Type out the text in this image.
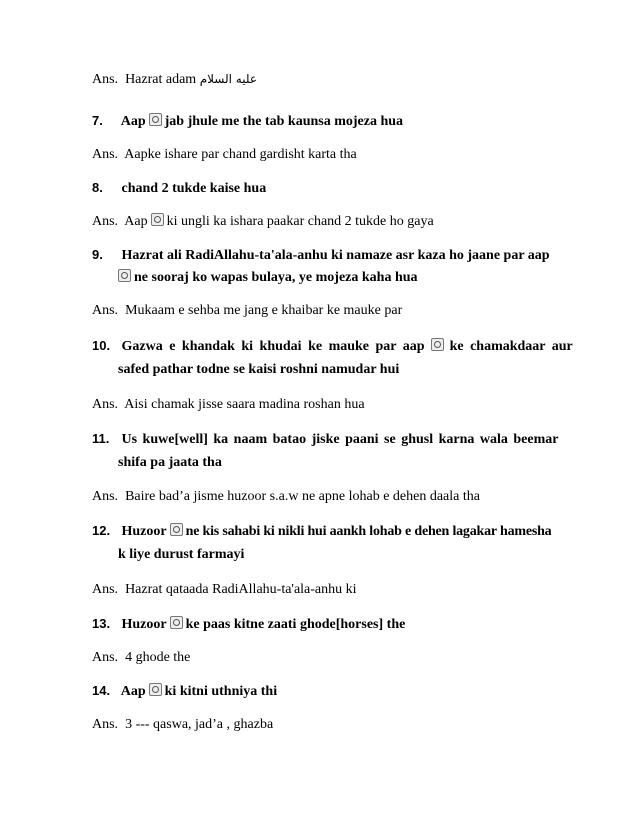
Ans. Hazrat adam عليه السلام
7. Aap jab jhule me the tab kaunsa mojeza hua
Ans. Aapke ishare par chand gardisht karta tha
8. chand 2 tukde kaise hua
Ans. Aap ki ungli ka ishara paakar chand 2 tukde ho gaya
9. Hazrat ali RadiAllahu-ta'ala-anhu ki namaze asr kaza ho jaane par aap
ne sooraj ko wapas bulaya, ye mojeza kaha hua
Ans. Mukaam e sehba me jang e khaibar ke mauke par
10. Gazwa e khandak ki khudai ke mauke par aap ke chamakdaar aur
safed pathar todne se kaisi roshni namudar hui
Ans. Aisi chamak jisse saara madina roshan hua
11. Us kuwe[well] ka naam batao jiske paani se ghusl karna wala beemar
shifa pa jaata tha
Ans. Baire bad’a jisme huzoor s.a.w ne apne lohab e dehen daala tha
12. Huzoor ne kis sahabi ki nikli hui aankh lohab e dehen lagakar hamesha
k liye durust farmayi
Ans. Hazrat qataada RadiAllahu-ta'ala-anhu ki
13. Huzoor ke paas kitne zaati ghode[horses] the
Ans. 4 ghode the
14. Aap ki kitni uthniya thi
Ans. 3 --- qaswa, jad’a , ghazba
